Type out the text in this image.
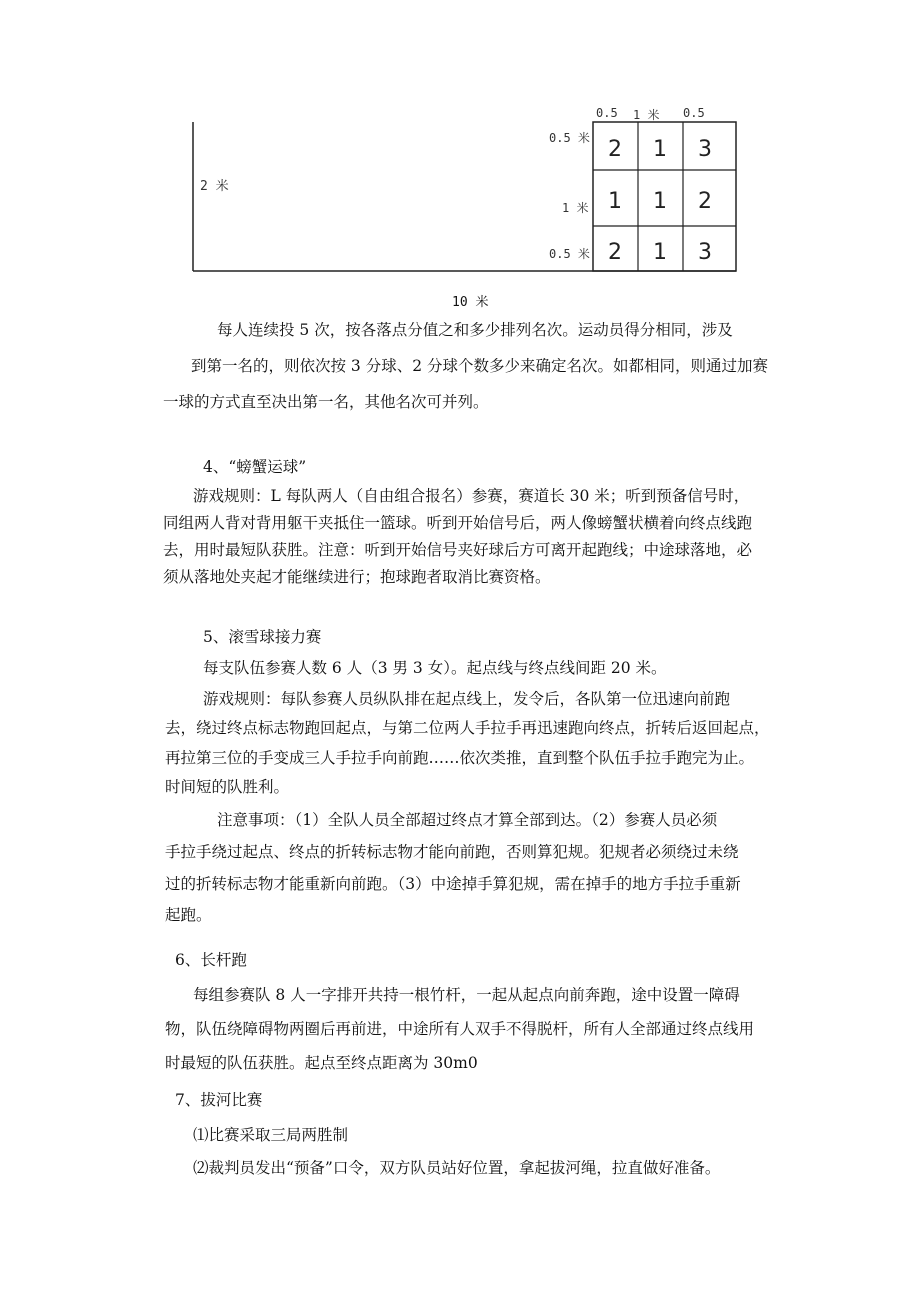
0.5 1 米 0.5
0.5 米
1 米
0.5 米
2 米
10 米
2	1	3
1	1	2
2	1	3
每人连续投 5 次，按各落点分值之和多少排列名次。运动员得分相同，涉及
到第一名的，则依次按 3 分球、2 分球个数多少来确定名次。如都相同，则通过加赛
一球的方式直至决出第一名，其他名次可并列。
4、“螃蟹运球”
游戏规则：L 每队两人（自由组合报名）参赛，赛道长 30 米；听到预备信号时，
同组两人背对背用躯干夹抵住一篮球。听到开始信号后，两人像螃蟹状横着向终点线跑
去，用时最短队获胜。注意：听到开始信号夹好球后方可离开起跑线；中途球落地，必
须从落地处夹起才能继续进行；抱球跑者取消比赛资格。
5、滚雪球接力赛
每支队伍参赛人数 6 人（3 男 3 女）。起点线与终点线间距 20 米。
游戏规则：每队参赛人员纵队排在起点线上，发令后，各队第一位迅速向前跑
去，绕过终点标志物跑回起点，与第二位两人手拉手再迅速跑向终点，折转后返回起点，
再拉第三位的手变成三人手拉手向前跑……依次类推，直到整个队伍手拉手跑完为止。
时间短的队胜利。
注意事项：（1）全队人员全部超过终点才算全部到达。（2）参赛人员必须
手拉手绕过起点、终点的折转标志物才能向前跑，否则算犯规。犯规者必须绕过未绕
过的折转标志物才能重新向前跑。（3）中途掉手算犯规，需在掉手的地方手拉手重新
起跑。
6、长杆跑
每组参赛队 8 人一字排开共持一根竹杆，一起从起点向前奔跑，途中设置一障碍
物，队伍绕障碍物两圈后再前进，中途所有人双手不得脱杆，所有人全部通过终点线用
时最短的队伍获胜。起点至终点距离为 30m0
7、拔河比赛
⑴比赛采取三局两胜制
⑵裁判员发出“预备”口令，双方队员站好位置，拿起拔河绳，拉直做好准备。
